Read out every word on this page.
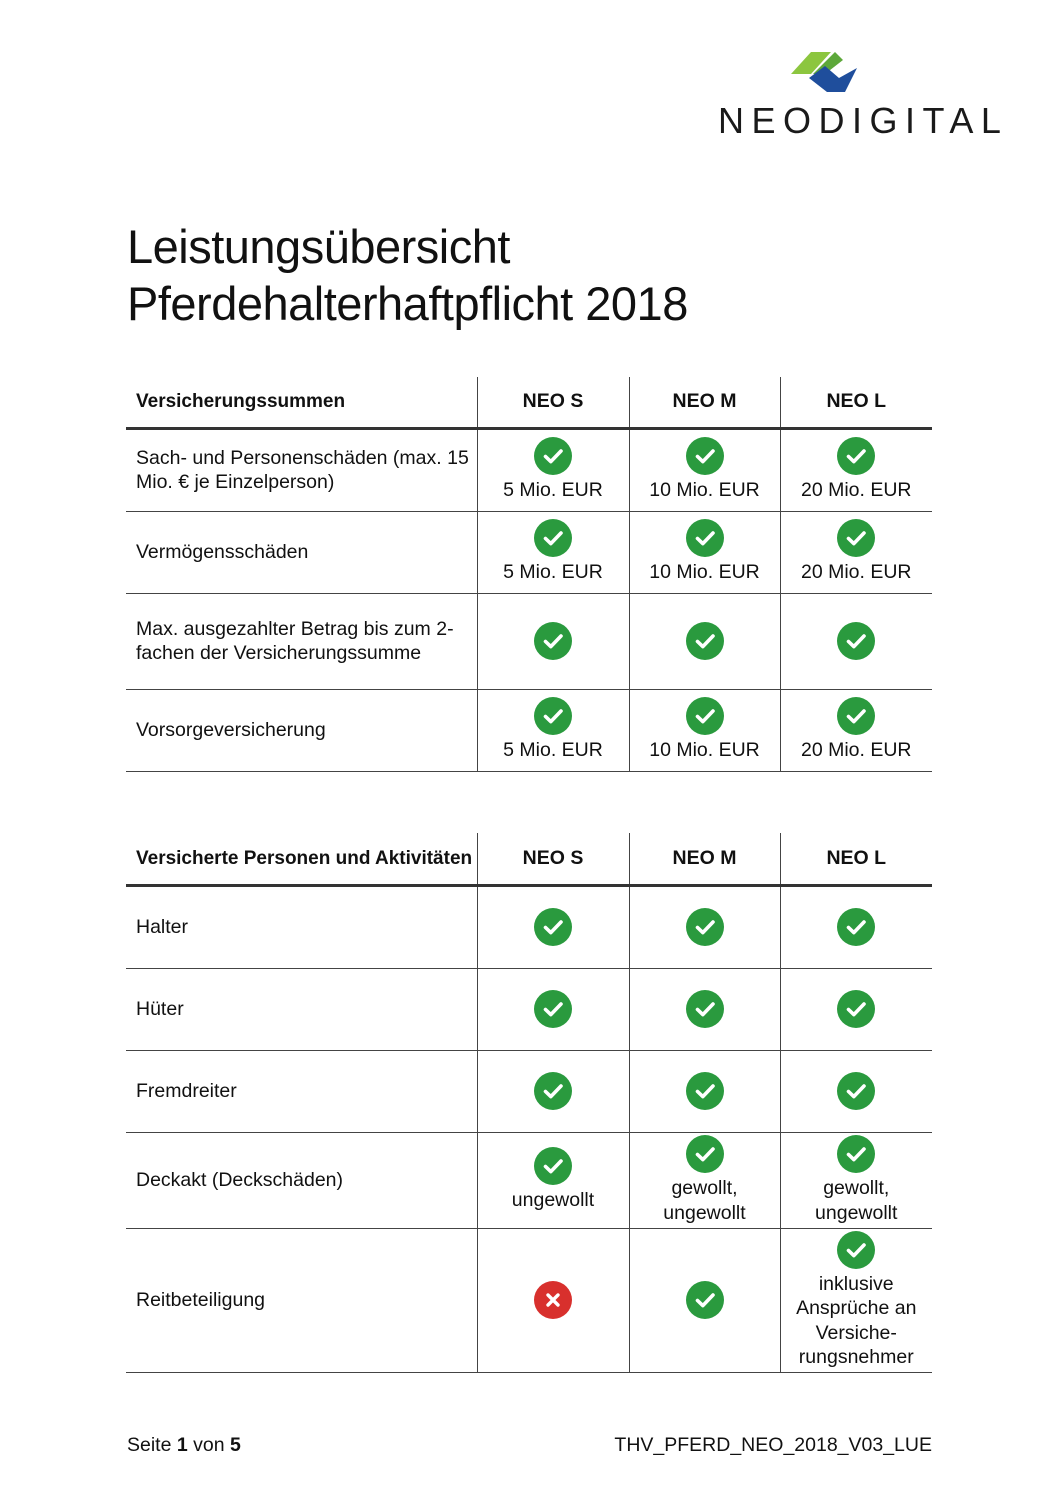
NEODIGITAL
Leistungsübersicht
Pferdehalterhaftpflicht 2018
Versicherungssummen	NEO S	NEO M	NEO L
Sach- und Personenschäden (max. 15 Mio. € je Einzelperson)	5 Mio. EUR	10 Mio. EUR	20 Mio. EUR

Vermögensschäden	5 Mio. EUR	10 Mio. EUR	20 Mio. EUR

Max. ausgezahlter Betrag bis zum 2-fachen der Versicherungssumme	

Vorsorgeversicherung	5 Mio. EUR	10 Mio. EUR	20 Mio. EUR
Versicherte Personen und Aktivitäten	NEO S	NEO M	NEO L
Halter	

Hüter	

Fremdreiter	

Deckakt (Deckschäden)	ungewollt	gewollt, ungewollt	gewollt, ungewollt

Reitbeteiligung			inklusive Ansprüche an Versiche-rungsnehmer
Seite 1 von 5	THV_PFERD_NEO_2018_V03_LUE
